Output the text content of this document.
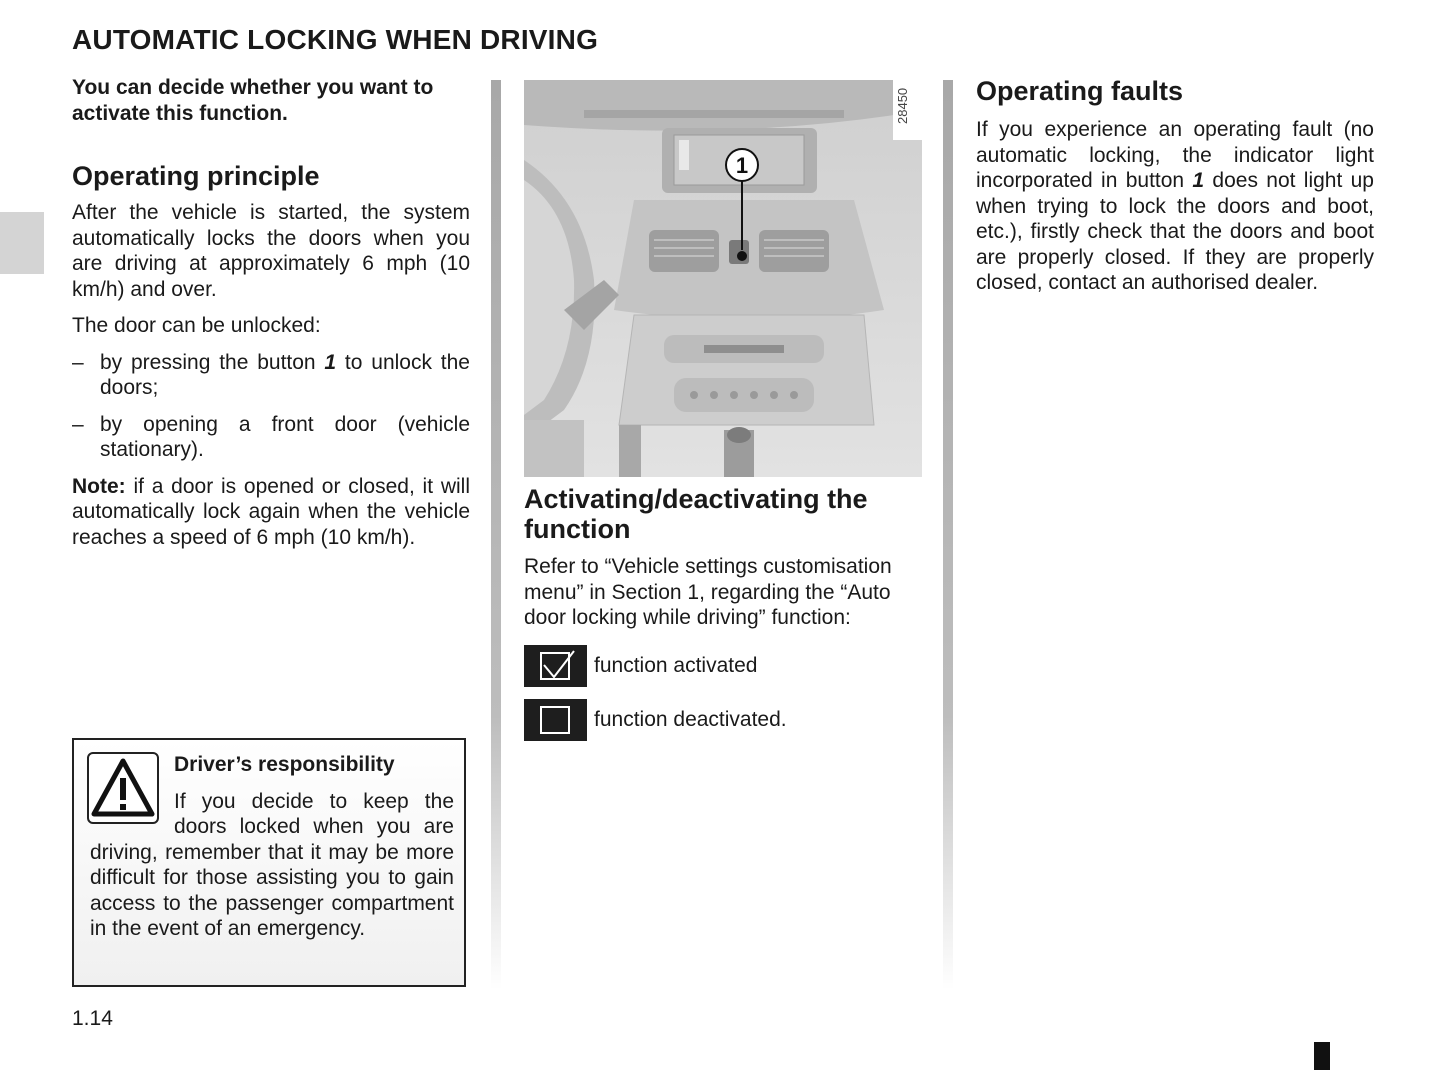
AUTOMATIC LOCKING WHEN DRIVING

You can decide whether you want to activate this function.

Operating principle

After the vehicle is started, the system automatically locks the doors when you are driving at approximately 6 mph (10 km/h) and over.

The door can be unlocked:

– by pressing the button 1 to unlock the doors;
– by opening a front door (vehicle stationary).

Note: if a door is opened or closed, it will automatically lock again when the vehicle reaches a speed of 6 mph (10 km/h).

Driver’s responsibility
If you decide to keep the doors locked when you are driving, remember that it may be more difficult for those assisting you to gain access to the passenger compartment in the event of an emergency.
1
28450
Activating/deactivating the function

Refer to “Vehicle settings customisation menu” in Section 1, regarding the “Auto door locking while driving” function:

function activated
function deactivated.
Operating faults

If you experience an operating fault (no automatic locking, the indicator light incorporated in button 1 does not light up when trying to lock the doors and boot, etc.), firstly check that the doors and boot are properly closed. If they are properly closed, contact an authorised dealer.

1.14
